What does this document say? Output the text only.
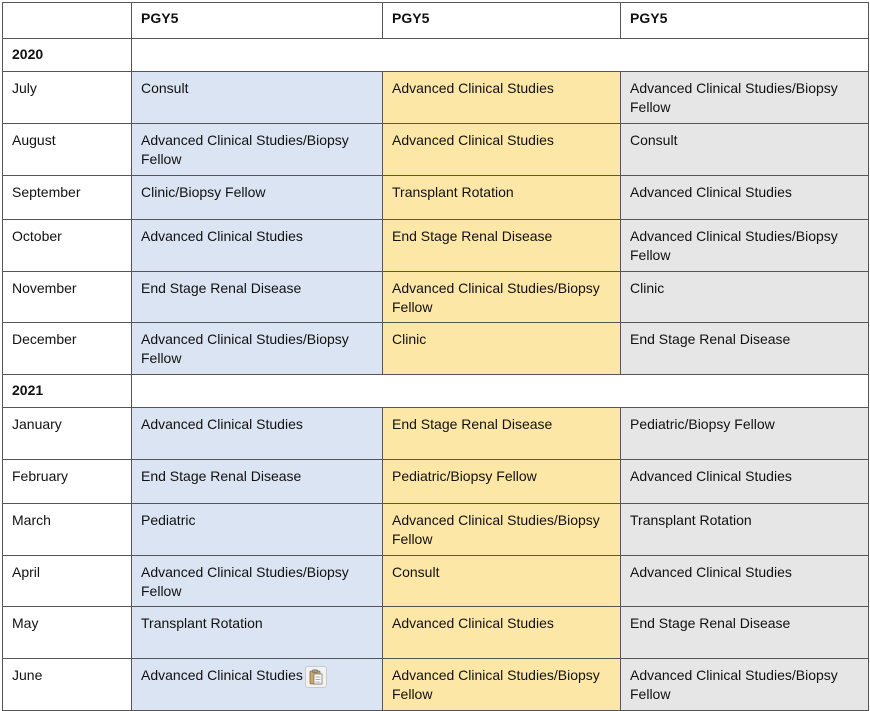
	PGY5	PGY5	PGY5
2020			
July	Consult	Advanced Clinical Studies	Advanced Clinical Studies/Biopsy Fellow
August	Advanced Clinical Studies/Biopsy Fellow	Advanced Clinical Studies	Consult
September	Clinic/Biopsy Fellow	Transplant Rotation	Advanced Clinical Studies
October	Advanced Clinical Studies	End Stage Renal Disease	Advanced Clinical Studies/Biopsy Fellow
November	End Stage Renal Disease	Advanced Clinical Studies/Biopsy Fellow	Clinic
December	Advanced Clinical Studies/Biopsy Fellow	Clinic	End Stage Renal Disease
2021			
January	Advanced Clinical Studies	End Stage Renal Disease	Pediatric/Biopsy Fellow
February	End Stage Renal Disease	Pediatric/Biopsy Fellow	Advanced Clinical Studies
March	Pediatric	Advanced Clinical Studies/Biopsy Fellow	Transplant Rotation
April	Advanced Clinical Studies/Biopsy Fellow	Consult	Advanced Clinical Studies
May	Transplant Rotation	Advanced Clinical Studies	End Stage Renal Disease
June	Advanced Clinical Studies	Advanced Clinical Studies/Biopsy Fellow	Advanced Clinical Studies/Biopsy Fellow
